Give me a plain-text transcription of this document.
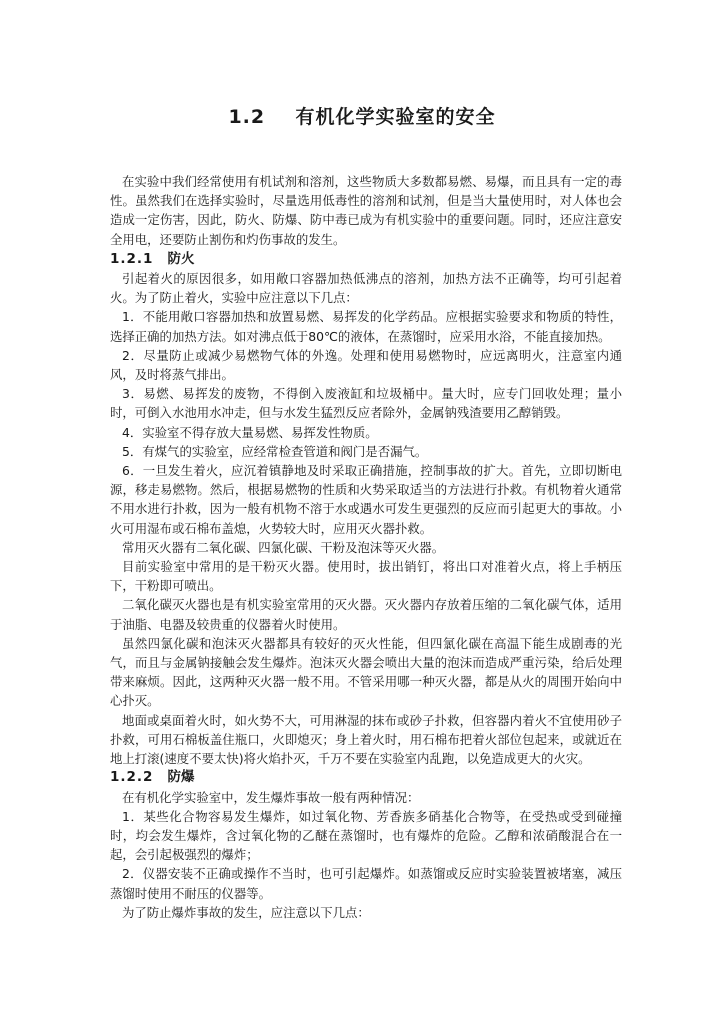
1.2    有机化学实验室的安全

在实验中我们经常使用有机试剂和溶剂，这些物质大多数都易燃、易爆，而且具有一定的毒性。虽然我们在选择实验时，尽量选用低毒性的溶剂和试剂，但是当大量使用时，对人体也会造成一定伤害，因此，防火、防爆、防中毒已成为有机实验中的重要问题。同时，还应注意安全用电，还要防止割伤和灼伤事故的发生。

1.2.1 防火

引起着火的原因很多，如用敞口容器加热低沸点的溶剂，加热方法不正确等，均可引起着火。为了防止着火，实验中应注意以下几点：

1．不能用敞口容器加热和放置易燃、易挥发的化学药品。应根据实验要求和物质的特性，选择正确的加热方法。如对沸点低于80℃的液体，在蒸馏时，应采用水浴，不能直接加热。

2．尽量防止或减少易燃物气体的外逸。处理和使用易燃物时，应远离明火，注意室内通风，及时将蒸气排出。

3．易燃、易挥发的废物，不得倒入废液缸和垃圾桶中。量大时，应专门回收处理；量小时，可倒入水池用水冲走，但与水发生猛烈反应者除外，金属钠残渣要用乙醇销毁。

4．实验室不得存放大量易燃、易挥发性物质。

5．有煤气的实验室，应经常检查管道和阀门是否漏气。

6．一旦发生着火，应沉着镇静地及时采取正确措施，控制事故的扩大。首先，立即切断电源，移走易燃物。然后，根据易燃物的性质和火势采取适当的方法进行扑救。有机物着火通常不用水进行扑救，因为一般有机物不溶于水或遇水可发生更强烈的反应而引起更大的事故。小火可用湿布或石棉布盖熄，火势较大时，应用灭火器扑救。

常用灭火器有二氧化碳、四氯化碳、干粉及泡沫等灭火器。

目前实验室中常用的是干粉灭火器。使用时，拔出销钉，将出口对准着火点，将上手柄压下，干粉即可喷出。

二氧化碳灭火器也是有机实验室常用的灭火器。灭火器内存放着压缩的二氧化碳气体，适用于油脂、电器及较贵重的仪器着火时使用。

虽然四氯化碳和泡沫灭火器都具有较好的灭火性能，但四氯化碳在高温下能生成剧毒的光气，而且与金属钠接触会发生爆炸。泡沫灭火器会喷出大量的泡沫而造成严重污染，给后处理带来麻烦。因此，这两种灭火器一般不用。不管采用哪一种灭火器，都是从火的周围开始向中心扑灭。

地面或桌面着火时，如火势不大，可用淋湿的抹布或砂子扑救，但容器内着火不宜使用砂子扑救，可用石棉板盖住瓶口，火即熄灭；身上着火时，用石棉布把着火部位包起来，或就近在地上打滚(速度不要太快)将火焰扑灭，千万不要在实验室内乱跑，以免造成更大的火灾。

1.2.2 防爆

在有机化学实验室中，发生爆炸事故一般有两种情况：

1．某些化合物容易发生爆炸，如过氧化物、芳香族多硝基化合物等，在受热或受到碰撞时，均会发生爆炸，含过氧化物的乙醚在蒸馏时，也有爆炸的危险。乙醇和浓硝酸混合在一起，会引起极强烈的爆炸；

2．仪器安装不正确或操作不当时，也可引起爆炸。如蒸馏或反应时实验装置被堵塞，减压蒸馏时使用不耐压的仪器等。

为了防止爆炸事故的发生，应注意以下几点：
